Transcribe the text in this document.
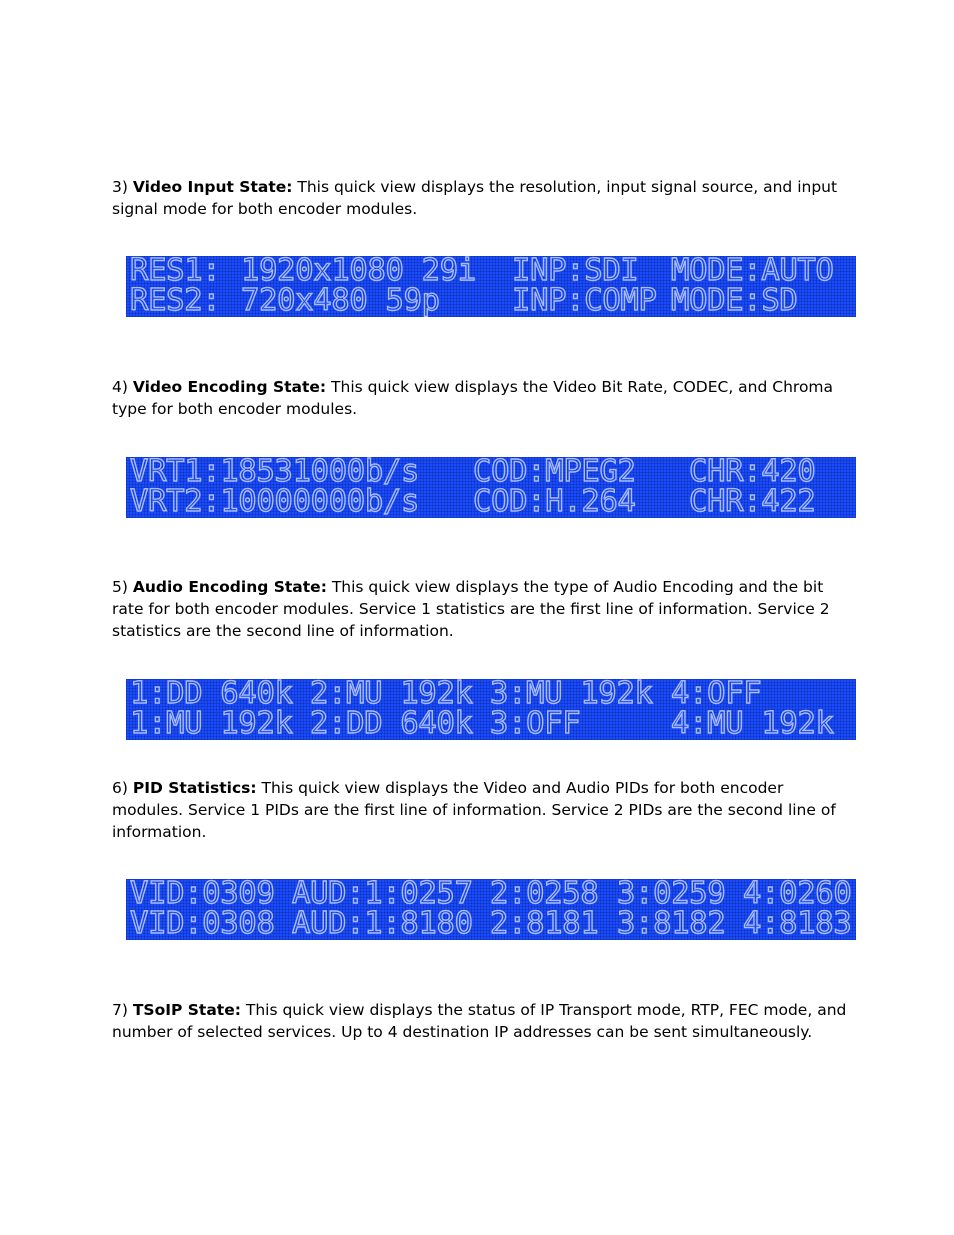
3) Video Input State: This quick view displays the resolution, input signal source, and input signal mode for both encoder modules.

RES1:

1920x1080 29i

INP:SDI

MODE:AUTO

RES2:

720x480 59p

INP:COMP

MODE:SD

4) Video Encoding State: This quick view displays the Video Bit Rate, CODEC, and Chroma type for both encoder modules.

VRT1:18531000b/s

COD:MPEG2

CHR:420

VRT2:10000000b/s

COD:H.264

CHR:422

5) Audio Encoding State: This quick view displays the type of Audio Encoding and the bit rate for both encoder modules. Service 1 statistics are the first line of information. Service 2 statistics are the second line of information.

1:DD 640k

2:MU 192k

3:MU 192k

4:OFF

1:MU 192k

2:DD 640k

3:OFF

	4:MU 192k

6) PID Statistics: This quick view displays the Video and Audio PIDs for both encoder modules. Service 1 PIDs are the first line of information. Service 2 PIDs are the second line of information.

VID:0309

AUD:1:0257

2:0258

3:0259

4:0260

VID:0308

AUD:1:8180

2:8181

3:8182

4:8183

7) TSoIP State: This quick view displays the status of IP Transport mode, RTP, FEC mode, and number of selected services. Up to 4 destination IP addresses can be sent simultaneously.
